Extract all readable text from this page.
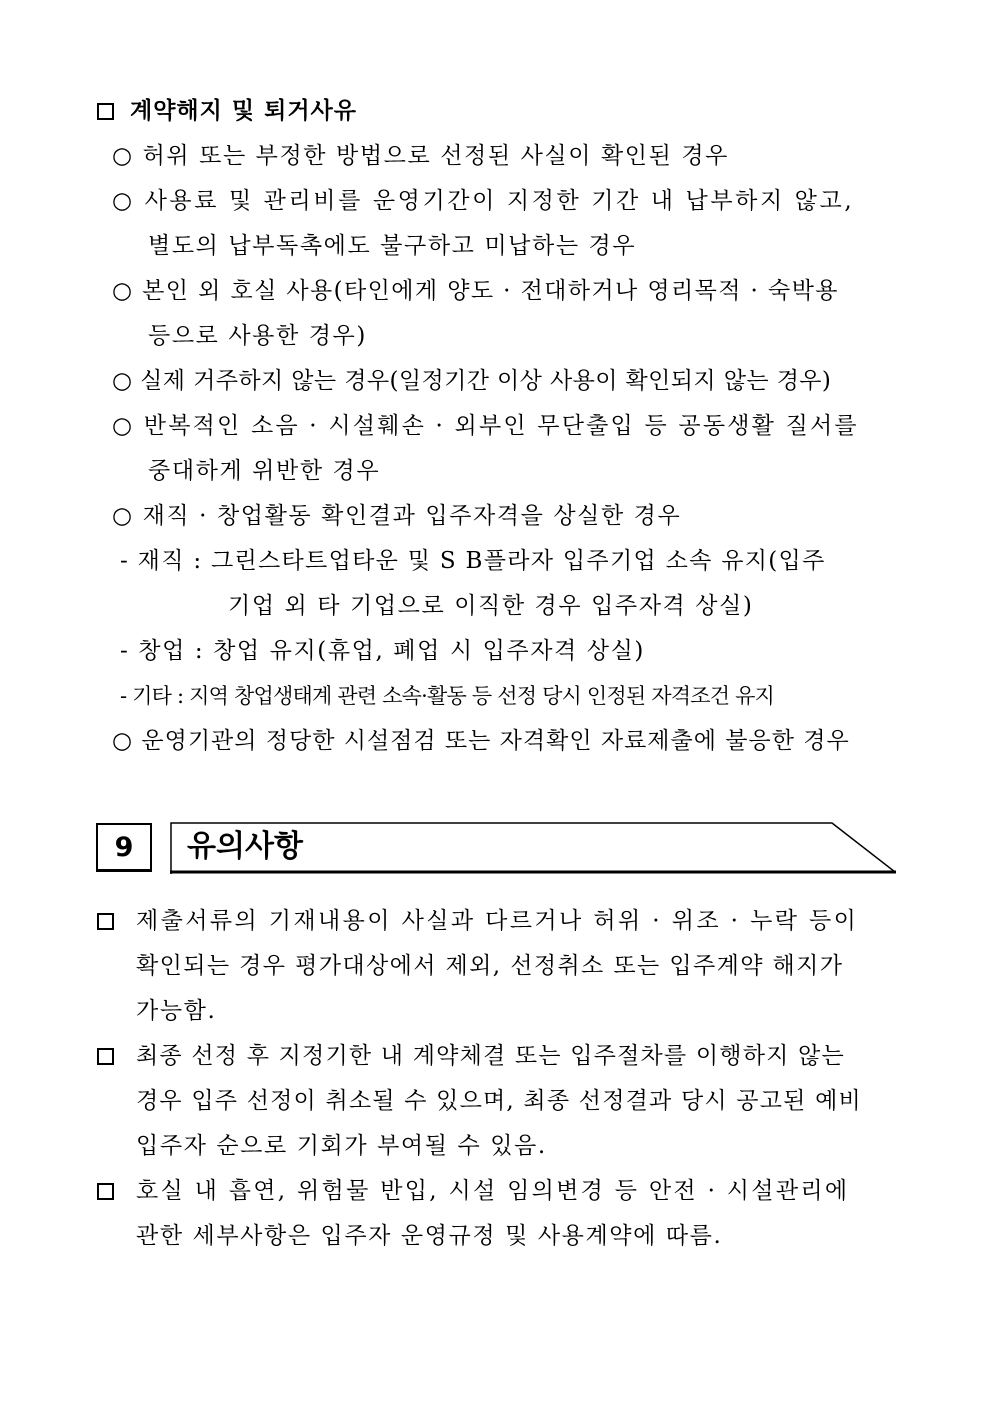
계약해지 및 퇴거사유
○ 허위 또는 부정한 방법으로 선정된 사실이 확인된 경우
○ 사용료 및 관리비를 운영기간이 지정한 기간 내 납부하지 않고,
별도의 납부독촉에도 불구하고 미납하는 경우
○ 본인 외 호실 사용(타인에게 양도 · 전대하거나 영리목적 · 숙박용
등으로 사용한 경우)
○ 실제 거주하지 않는 경우(일정기간 이상 사용이 확인되지 않는 경우)
○ 반복적인 소음 · 시설훼손 · 외부인 무단출입 등 공동생활 질서를
중대하게 위반한 경우
○ 재직 · 창업활동 확인결과 입주자격을 상실한 경우
- 재직 : 그린스타트업타운 및 S B플라자 입주기업 소속 유지(입주
기업 외 타 기업으로 이직한 경우 입주자격 상실)
- 창업 : 창업 유지(휴업, 폐업 시 입주자격 상실)
- 기타 : 지역 창업생태계 관련 소속·활동 등 선정 당시 인정된 자격조건 유지
○ 운영기관의 정당한 시설점검 또는 자격확인 자료제출에 불응한 경우
9 유의사항
제출서류의 기재내용이 사실과 다르거나 허위 · 위조 · 누락 등이
확인되는 경우 평가대상에서 제외, 선정취소 또는 입주계약 해지가
가능함.
최종 선정 후 지정기한 내 계약체결 또는 입주절차를 이행하지 않는
경우 입주 선정이 취소될 수 있으며, 최종 선정결과 당시 공고된 예비
입주자 순으로 기회가 부여될 수 있음.
호실 내 흡연, 위험물 반입, 시설 임의변경 등 안전 · 시설관리에
관한 세부사항은 입주자 운영규정 및 사용계약에 따름.
